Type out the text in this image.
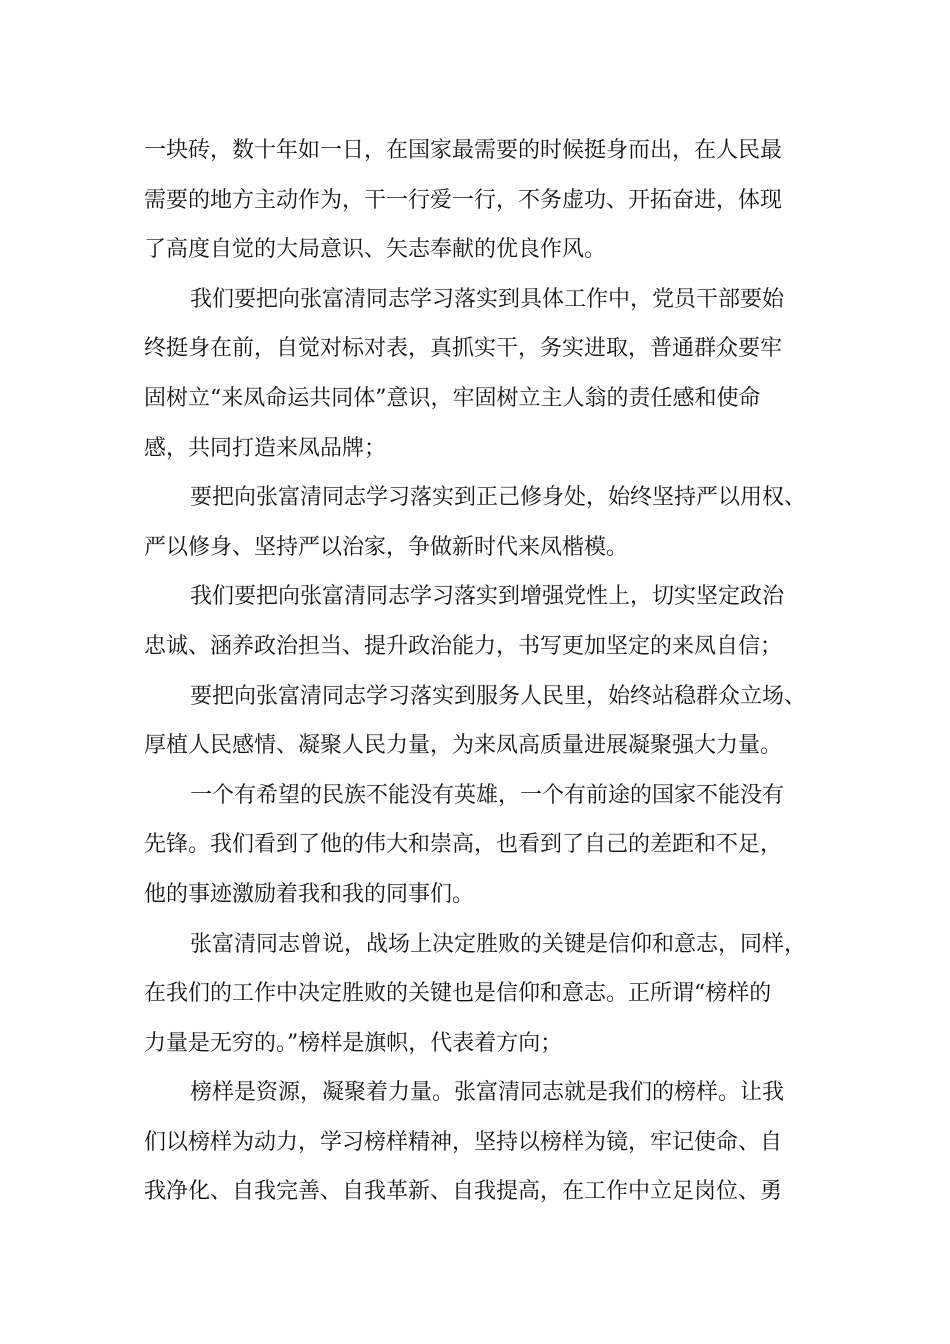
一块砖，数十年如一日，在国家最需要的时候挺身而出，在人民最
需要的地方主动作为，干一行爱一行，不务虚功、开拓奋进，体现
了高度自觉的大局意识、矢志奉献的优良作风。
我们要把向张富清同志学习落实到具体工作中，党员干部要始
终挺身在前，自觉对标对表，真抓实干，务实进取，普通群众要牢
固树立“来凤命运共同体”意识，牢固树立主人翁的责任感和使命
感，共同打造来凤品牌；
要把向张富清同志学习落实到正己修身处，始终坚持严以用权、
严以修身、坚持严以治家，争做新时代来凤楷模。
我们要把向张富清同志学习落实到增强党性上，切实坚定政治
忠诚、涵养政治担当、提升政治能力，书写更加坚定的来凤自信；
要把向张富清同志学习落实到服务人民里，始终站稳群众立场、
厚植人民感情、凝聚人民力量，为来凤高质量进展凝聚强大力量。
一个有希望的民族不能没有英雄，一个有前途的国家不能没有
先锋。我们看到了他的伟大和崇高，也看到了自己的差距和不足，
他的事迹激励着我和我的同事们。
张富清同志曾说，战场上决定胜败的关键是信仰和意志，同样，
在我们的工作中决定胜败的关键也是信仰和意志。正所谓“榜样的
力量是无穷的。”榜样是旗帜，代表着方向；
榜样是资源，凝聚着力量。张富清同志就是我们的榜样。让我
们以榜样为动力，学习榜样精神，坚持以榜样为镜，牢记使命、自
我净化、自我完善、自我革新、自我提高，在工作中立足岗位、勇
